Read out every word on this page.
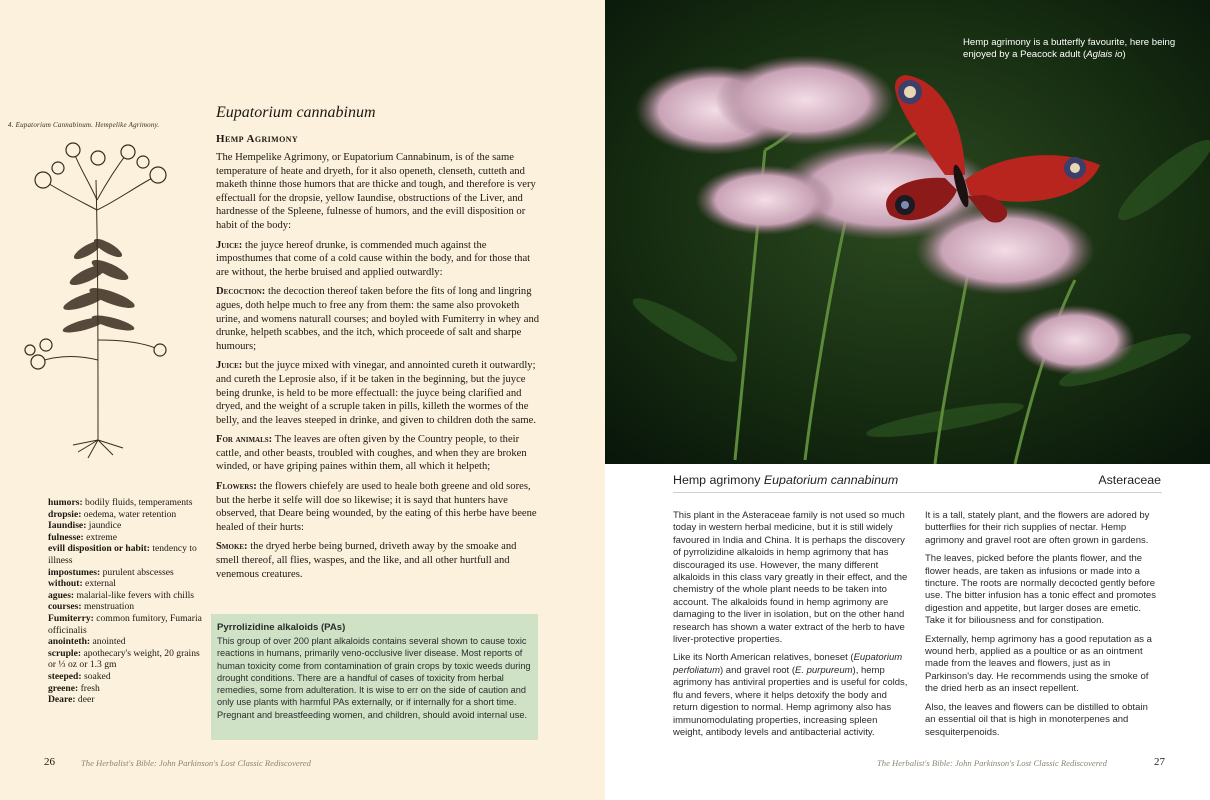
4. Eupatorium Cannabinum. Hempelike Agrimony.
Eupatorium cannabinum
Hemp Agrimony

The Hempelike Agrimony, or Eupatorium Cannabinum, is of the same temperature of heate and dryeth, for it also openeth, clenseth, cutteth and maketh thinne those humors that are thicke and tough, and therefore is very effectuall for the dropsie, yellow Iaundise, obstructions of the Liver, and hardnesse of the Spleene, fulnesse of humors, and the evill disposition or habit of the body:

Juice: the juyce hereof drunke, is commended much against the imposthumes that come of a cold cause within the body, and for those that are without, the herbe bruised and applied outwardly:

Decoction: the decoction thereof taken before the fits of long and lingring agues, doth helpe much to free any from them: the same also provoketh urine, and womens naturall courses; and boyled with Fumiterry in whey and drunke, helpeth scabbes, and the itch, which proceede of salt and sharpe humours;

Juice: but the juyce mixed with vinegar, and annointed cureth it outwardly; and cureth the Leprosie also, if it be taken in the beginning, but the juyce being drunke, is held to be more effectuall: the juyce being clarified and dryed, and the weight of a scruple taken in pills, killeth the wormes of the belly, and the leaves steeped in drinke, and given to children doth the same.

For animals: The leaves are often given by the Country people, to their cattle, and other beasts, troubled with coughes, and when they are broken winded, or have griping paines within them, all which it helpeth;

Flowers: the flowers chiefely are used to heale both greene and old sores, but the herbe it selfe will doe so likewise; it is sayd that hunters have observed, that Deare being wounded, by the eating of this herbe have beene healed of their hurts:

Smoke: the dryed herbe being burned, driveth away by the smoake and smell thereof, all flies, waspes, and the like, and all other hurtfull and venemous creatures.

humors: bodily fluids, temperaments
dropsie: oedema, water retention
Iaundise: jaundice
fulnesse: extreme
evill disposition or habit: tendency to illness
impostumes: purulent abscesses
without: external
agues: malarial-like fevers with chills
courses: menstruation
Fumiterry: common fumitory, Fumaria officinalis
anointeth: anointed
scruple: apothecary's weight, 20 grains or ⅓ oz or 1.3 gm
steeped: soaked
greene: fresh
Deare: deer
Pyrrolizidine alkaloids (PAs)
This group of over 200 plant alkaloids contains several shown to cause toxic reactions in humans, primarily veno-occlusive liver disease. Most reports of human toxicity come from contamination of grain crops by toxic weeds during drought conditions. There are a handful of cases of toxicity from herbal remedies, some from adulteration. It is wise to err on the side of caution and only use plants with harmful PAs externally, or if internally for a short time. Pregnant and breastfeeding women, and children, should avoid internal use.
26	The Herbalist's Bible: John Parkinson's Lost Classic Rediscovered
Hemp agrimony is a butterfly favourite, here being enjoyed by a Peacock adult (Aglais io)
Hemp agrimony Eupatorium cannabinum	Asteraceae

This plant in the Asteraceae family is not used so much today in western herbal medicine, but it is still widely favoured in India and China. It is perhaps the discovery of pyrrolizidine alkaloids in hemp agrimony that has discouraged its use. However, the many different alkaloids in this class vary greatly in their effect, and the chemistry of the whole plant needs to be taken into account. The alkaloids found in hemp agrimony are damaging to the liver in isolation, but on the other hand research has shown a water extract of the herb to have liver-protective properties.

Like its North American relatives, boneset (Eupatorium perfoliatum) and gravel root (E. purpureum), hemp agrimony has antiviral properties and is useful for colds, flu and fevers, where it helps detoxify the body and return digestion to normal. Hemp agrimony also has immunomodulating properties, increasing spleen weight, antibody levels and antibacterial activity.

It is a tall, stately plant, and the flowers are adored by butterflies for their rich supplies of nectar. Hemp agrimony and gravel root are often grown in gardens.

The leaves, picked before the plants flower, and the flower heads, are taken as infusions or made into a tincture. The roots are normally decocted gently before use. The bitter infusion has a tonic effect and promotes digestion and appetite, but larger doses are emetic. Take it for biliousness and for constipation.

Externally, hemp agrimony has a good reputation as a wound herb, applied as a poultice or as an ointment made from the leaves and flowers, just as in Parkinson's day. He recommends using the smoke of the dried herb as an insect repellent.

Also, the leaves and flowers can be distilled to obtain an essential oil that is high in monoterpenes and sesquiterpenoids.

The Herbalist's Bible: John Parkinson's Lost Classic Rediscovered	27
